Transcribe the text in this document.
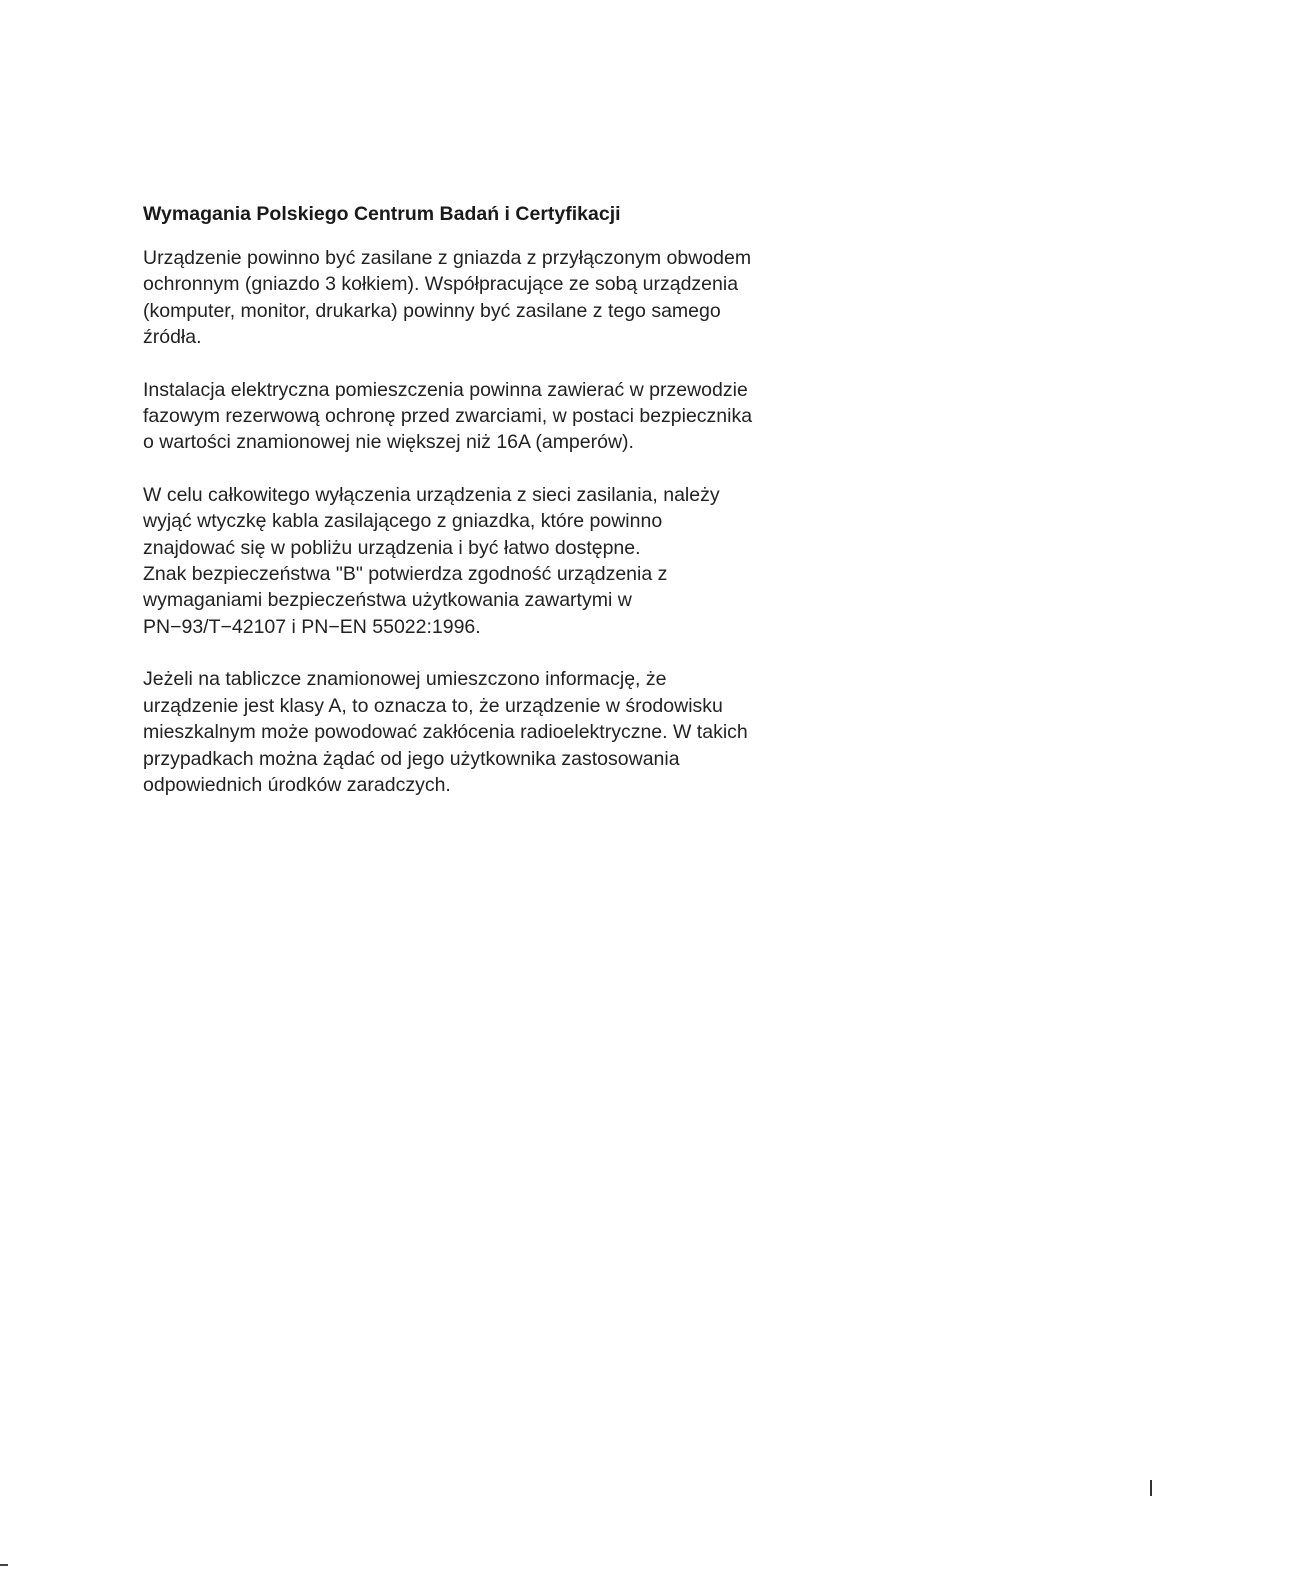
Wymagania Polskiego Centrum Badań i Certyfikacji
Urządzenie powinno być zasilane z gniazda z przyłączonym obwodem
ochronnym (gniazdo 3 kołkiem). Współpracujące ze sobą urządzenia
(komputer, monitor, drukarka) powinny być zasilane z tego samego
źródła.
Instalacja elektryczna pomieszczenia powinna zawierać w przewodzie
fazowym rezerwową ochronę przed zwarciami, w postaci bezpiecznika
o wartości znamionowej nie większej niż 16A (amperów).
W celu całkowitego wyłączenia urządzenia z sieci zasilania, należy
wyjąć wtyczkę kabla zasilającego z gniazdka, które powinno
znajdować się w pobliżu urządzenia i być łatwo dostępne.
Znak bezpieczeństwa "B" potwierdza zgodność urządzenia z
wymaganiami bezpieczeństwa użytkowania zawartymi w
PN−93/T−42107 i PN−EN 55022:1996.
Jeżeli na tabliczce znamionowej umieszczono informację, że
urządzenie jest klasy A, to oznacza to, że urządzenie w środowisku
mieszkalnym może powodować zakłócenia radioelektryczne. W takich
przypadkach można żądać od jego użytkownika zastosowania
odpowiednich úrodków zaradczych.
